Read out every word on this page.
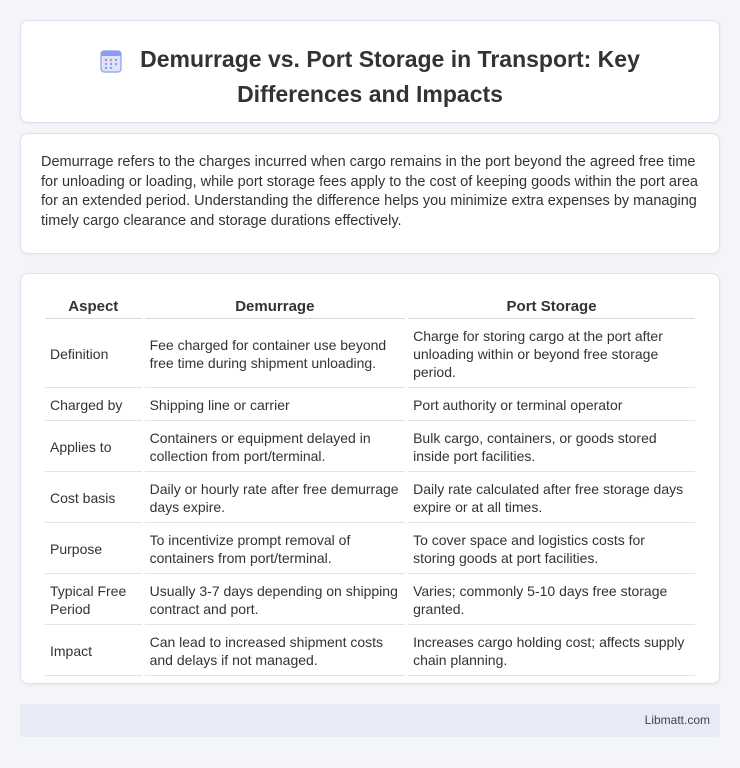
Demurrage vs. Port Storage in Transport: Key Differences and Impacts

Demurrage refers to the charges incurred when cargo remains in the port beyond the agreed free time for unloading or loading, while port storage fees apply to the cost of keeping goods within the port area for an extended period. Understanding the difference helps you minimize extra expenses by managing timely cargo clearance and storage durations effectively.

Aspect	Demurrage	Port Storage
Definition	Fee charged for container use beyond free time during shipment unloading.	Charge for storing cargo at the port after unloading within or beyond free storage period.
Charged by	Shipping line or carrier	Port authority or terminal operator
Applies to	Containers or equipment delayed in collection from port/terminal.	Bulk cargo, containers, or goods stored inside port facilities.
Cost basis	Daily or hourly rate after free demurrage days expire.	Daily rate calculated after free storage days expire or at all times.
Purpose	To incentivize prompt removal of containers from port/terminal.	To cover space and logistics costs for storing goods at port facilities.
Typical Free Period	Usually 3-7 days depending on shipping contract and port.	Varies; commonly 5-10 days free storage granted.
Impact	Can lead to increased shipment costs and delays if not managed.	Increases cargo holding cost; affects supply chain planning.
Libmatt.com
